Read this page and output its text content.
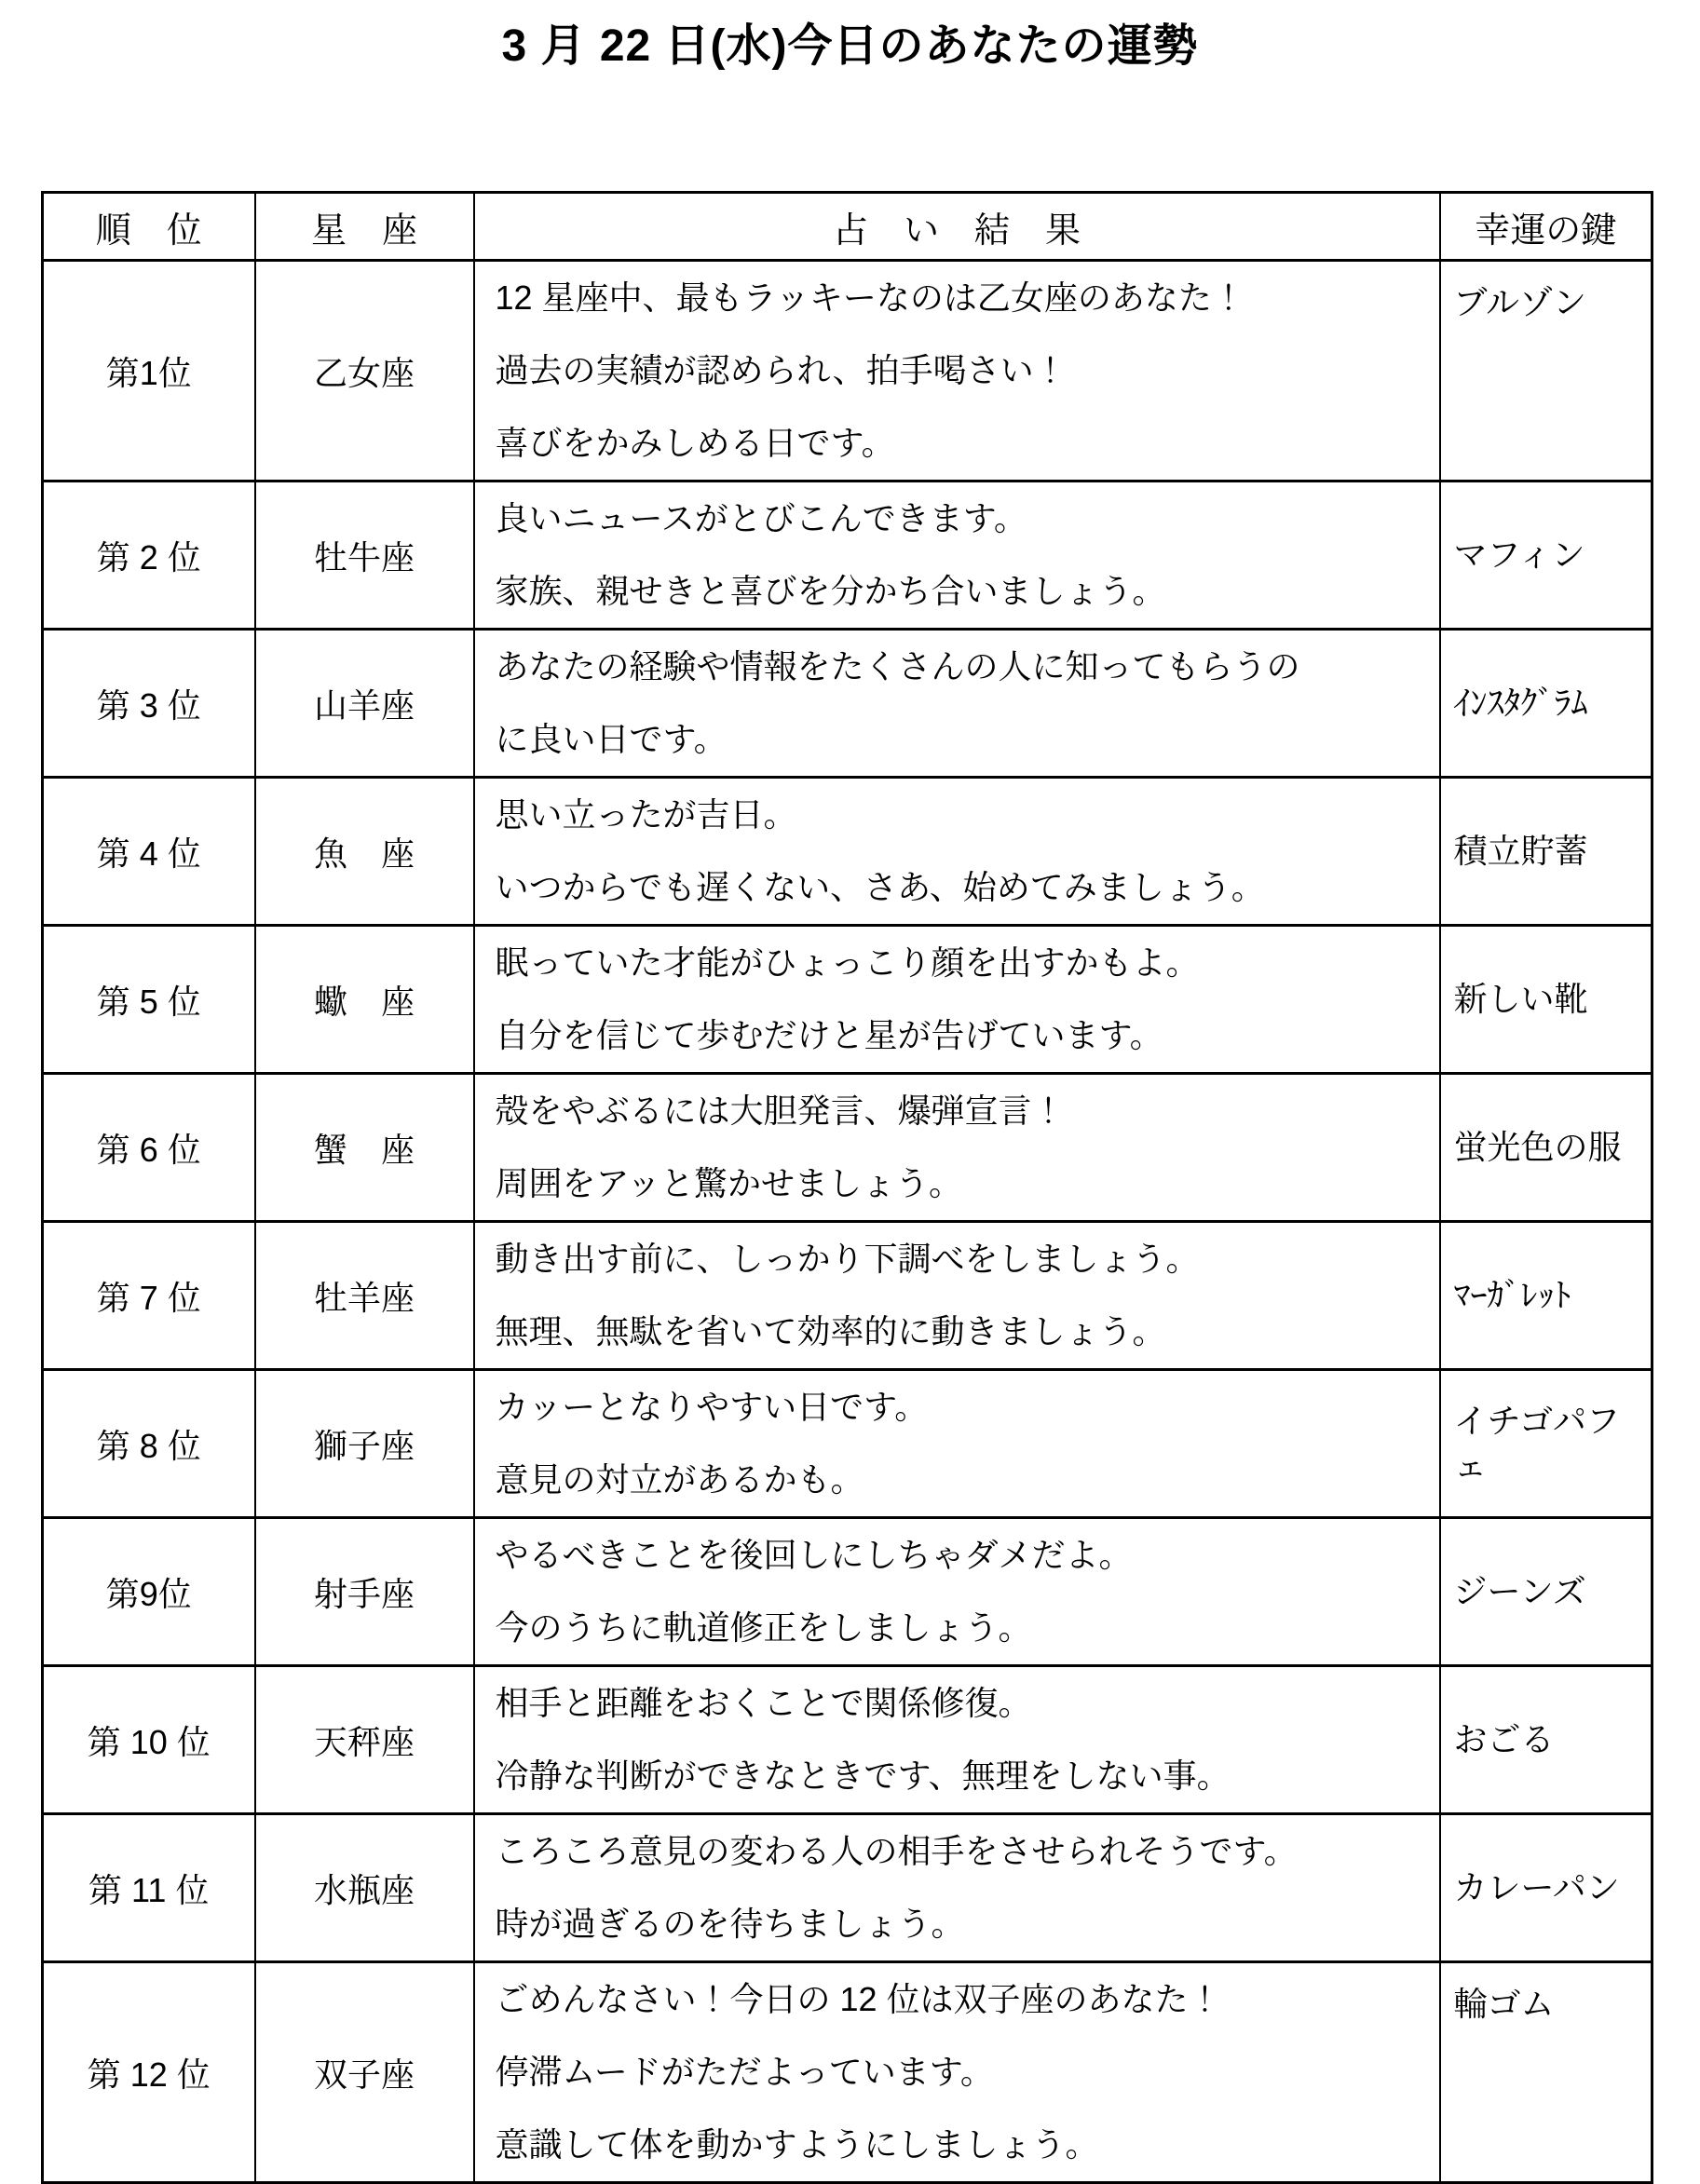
3 月 22 日(水)今日のあなたの運勢
順　位	星　座	占　い　結　果	幸運の鍵
第1位	乙女座	12 星座中、最もラッキーなのは乙女座のあなた！
過去の実績が認められ、拍手喝さい！
喜びをかみしめる日です。	ブルゾン
第 2 位	牡牛座	良いニュースがとびこんできます。
家族、親せきと喜びを分かち合いましょう。	マフィン
第 3 位	山羊座	あなたの経験や情報をたくさんの人に知ってもらうの
に良い日です。	ｲﾝｽﾀｸﾞﾗﾑ
第 4 位	魚　座	思い立ったが吉日。
いつからでも遅くない、さあ、始めてみましょう。	積立貯蓄
第 5 位	蠍　座	眠っていた才能がひょっこり顔を出すかもよ。
自分を信じて歩むだけと星が告げています。	新しい靴
第 6 位	蟹　座	殻をやぶるには大胆発言、爆弾宣言！
周囲をアッと驚かせましょう。	蛍光色の服
第 7 位	牡羊座	動き出す前に、しっかり下調べをしましょう。
無理、無駄を省いて効率的に動きましょう。	ﾏｰｶﾞﾚｯﾄ
第 8 位	獅子座	カッーとなりやすい日です。
意見の対立があるかも。	イチゴパフェ
第9位	射手座	やるべきことを後回しにしちゃダメだよ。
今のうちに軌道修正をしましょう。	ジーンズ
第 10 位	天秤座	相手と距離をおくことで関係修復。
冷静な判断ができなときです、無理をしない事。	おごる
第 11 位	水瓶座	ころころ意見の変わる人の相手をさせられそうです。
時が過ぎるのを待ちましょう。	カレーパン
第 12 位	双子座	ごめんなさい！今日の 12 位は双子座のあなた！
停滞ムードがただよっています。
意識して体を動かすようにしましょう。	輪ゴム
